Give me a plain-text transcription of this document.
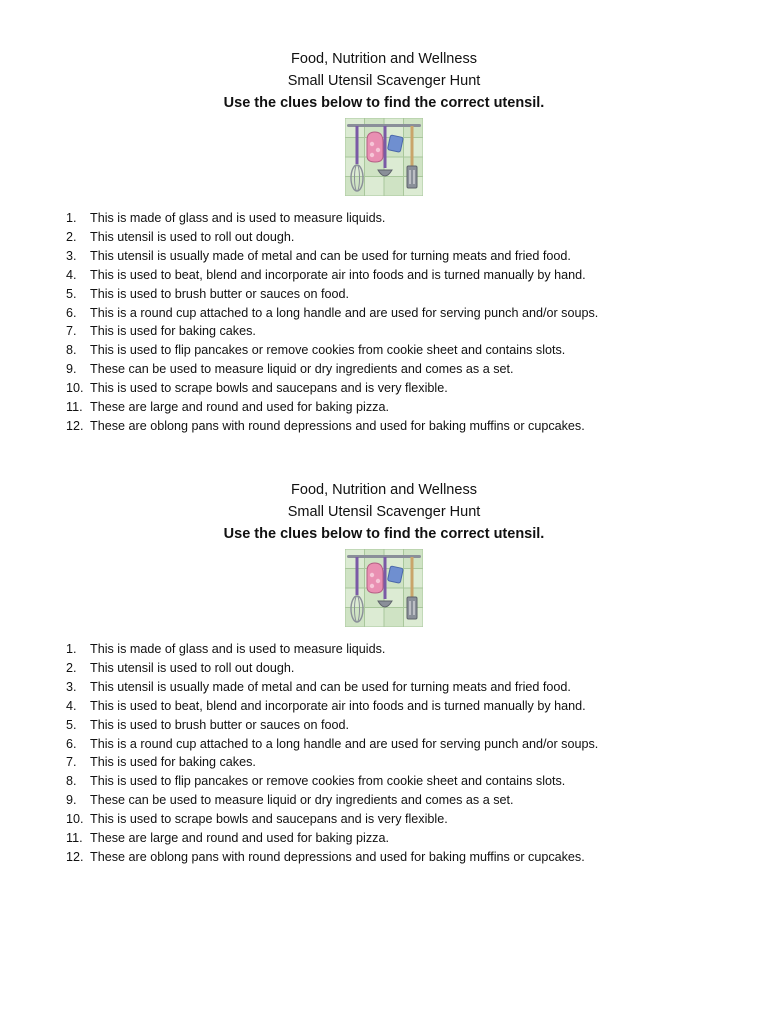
Food, Nutrition and Wellness

Small Utensil Scavenger Hunt

Use the clues below to find the correct utensil.

1.	This is made of glass and is used to measure liquids.
2.	This utensil is used to roll out dough.
3.	This utensil is usually made of metal and can be used for turning meats and fried food.
4.	This is used to beat, blend and incorporate air into foods and is turned manually by hand.
5.	This is used to brush butter or sauces on food.
6.	This is a round cup attached to a long handle and are used for serving punch and/or soups.
7.	This is used for baking cakes.
8.	This is used to flip pancakes or remove cookies from cookie sheet and contains slots.
9.	These can be used to measure liquid or dry ingredients and comes as a set.
10. This is used to scrape bowls and saucepans and is very flexible.
11. These are large and round and used for baking pizza.
12. These are oblong pans with round depressions and used for baking muffins or cupcakes.

Food, Nutrition and Wellness

Small Utensil Scavenger Hunt

Use the clues below to find the correct utensil.

1.	This is made of glass and is used to measure liquids.
2.	This utensil is used to roll out dough.
3.	This utensil is usually made of metal and can be used for turning meats and fried food.
4.	This is used to beat, blend and incorporate air into foods and is turned manually by hand.
5.	This is used to brush butter or sauces on food.
6.	This is a round cup attached to a long handle and are used for serving punch and/or soups.
7.	This is used for baking cakes.
8.	This is used to flip pancakes or remove cookies from cookie sheet and contains slots.
9.	These can be used to measure liquid or dry ingredients and comes as a set.
10. This is used to scrape bowls and saucepans and is very flexible.
11. These are large and round and used for baking pizza.
12. These are oblong pans with round depressions and used for baking muffins or cupcakes.
